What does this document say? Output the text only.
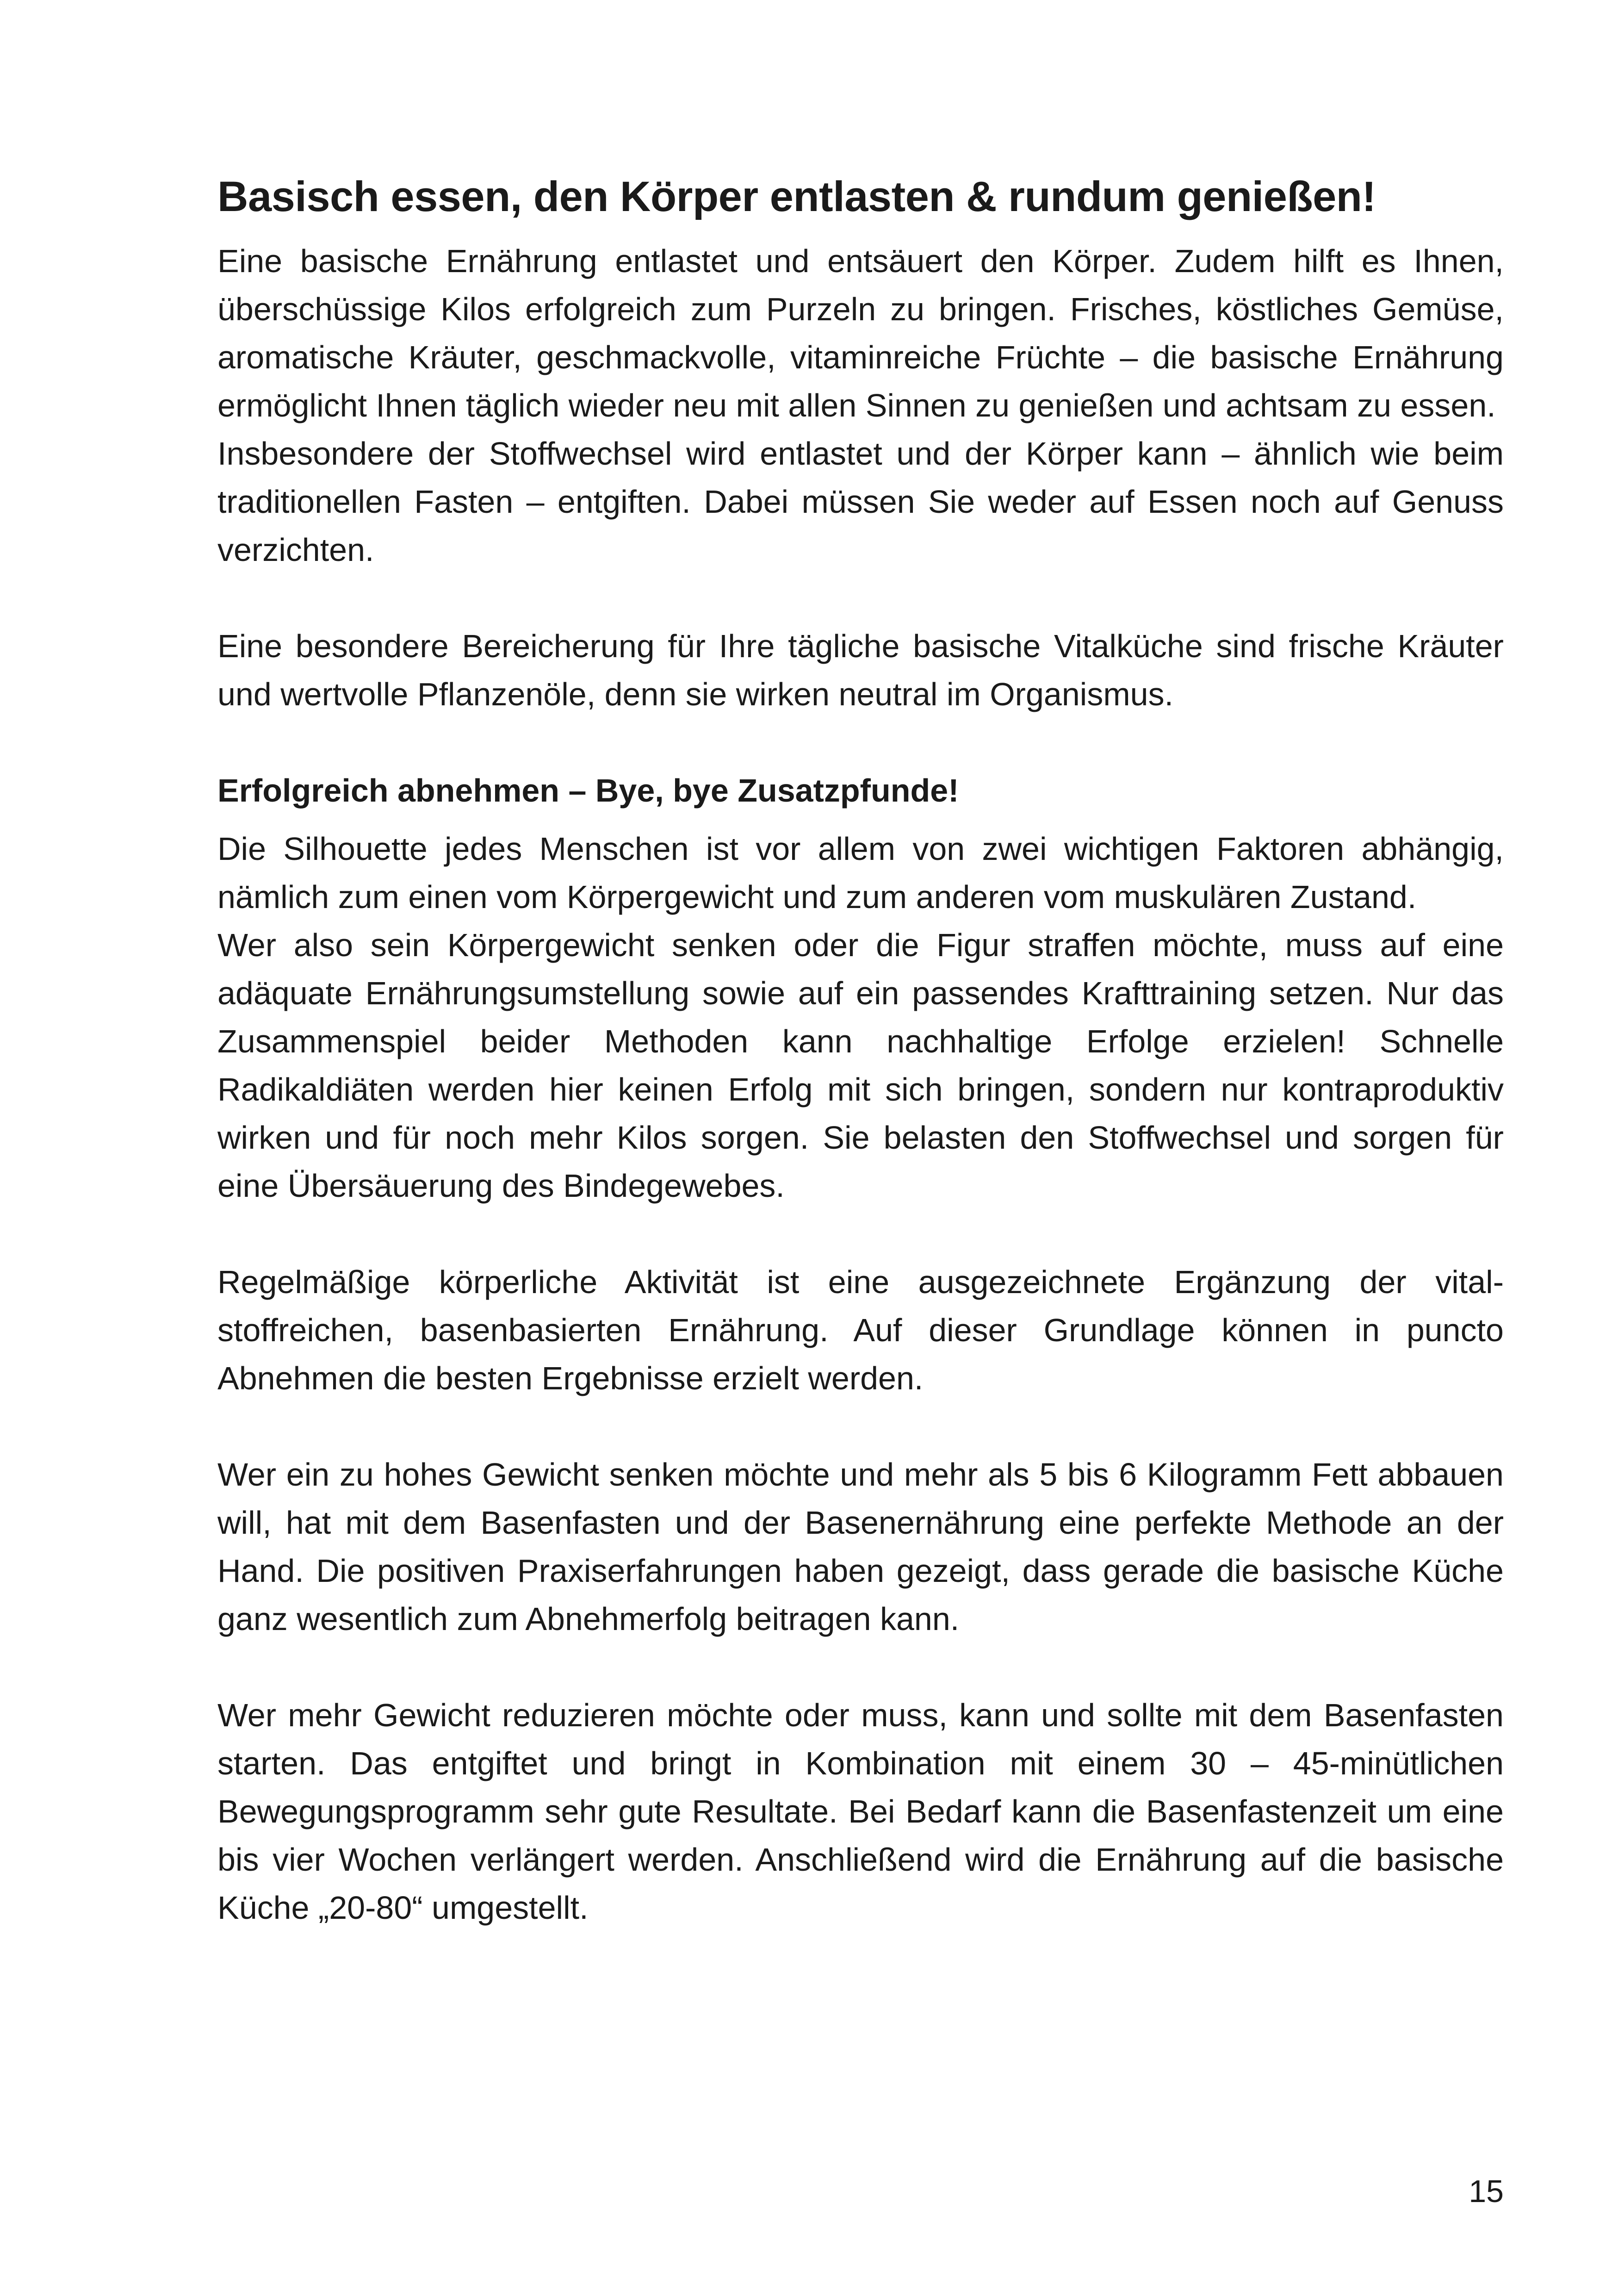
Basisch essen, den Körper entlasten & rundum genießen!

Eine basische Ernährung entlastet und entsäuert den Körper. Zudem hilft es Ihnen, überschüssige Kilos erfolgreich zum Purzeln zu bringen. Frisches, köstliches Gemüse, aromatische Kräuter, geschmackvolle, vitaminreiche Früchte – die basische Ernährung ermöglicht Ihnen täglich wieder neu mit allen Sinnen zu genießen und achtsam zu essen.

Insbesondere der Stoffwechsel wird entlastet und der Körper kann – ähnlich wie beim traditionellen Fasten – entgiften. Dabei müssen Sie weder auf Essen noch auf Genuss verzichten.

Eine besondere Bereicherung für Ihre tägliche basische Vitalküche sind frische Kräuter und wertvolle Pflanzenöle, denn sie wirken neutral im Organismus.

Erfolgreich abnehmen – Bye, bye Zusatzpfunde!

Die Silhouette jedes Menschen ist vor allem von zwei wichtigen Faktoren abhängig, nämlich zum einen vom Körpergewicht und zum anderen vom muskulären Zustand.

Wer also sein Körpergewicht senken oder die Figur straffen möchte, muss auf eine adäquate Ernährungsumstellung sowie auf ein passendes Krafttraining setzen. Nur das Zusammenspiel beider Methoden kann nachhaltige Erfolge erzielen! Schnelle Radikaldiäten werden hier keinen Erfolg mit sich bringen, sondern nur kontraproduktiv wirken und für noch mehr Kilos sorgen. Sie belasten den Stoffwechsel und sorgen für eine Übersäuerung des Bindegewebes.

Regelmäßige körperliche Aktivität ist eine ausgezeichnete Ergänzung der vitalstoffreichen, basenbasierten Ernährung. Auf dieser Grundlage können in puncto Abnehmen die besten Ergebnisse erzielt werden.

Wer ein zu hohes Gewicht senken möchte und mehr als 5 bis 6 Kilogramm Fett abbauen will, hat mit dem Basenfasten und der Basenernährung eine perfekte Methode an der Hand. Die positiven Praxiserfahrungen haben gezeigt, dass gerade die basische Küche ganz wesentlich zum Abnehmerfolg beitragen kann.

Wer mehr Gewicht reduzieren möchte oder muss, kann und sollte mit dem Basenfasten starten. Das entgiftet und bringt in Kombination mit einem 30 – 45-minütlichen Bewegungsprogramm sehr gute Resultate. Bei Bedarf kann die Basenfastenzeit um eine bis vier Wochen verlängert werden. Anschließend wird die Ernährung auf die basische Küche „20-80“ umgestellt.

15
